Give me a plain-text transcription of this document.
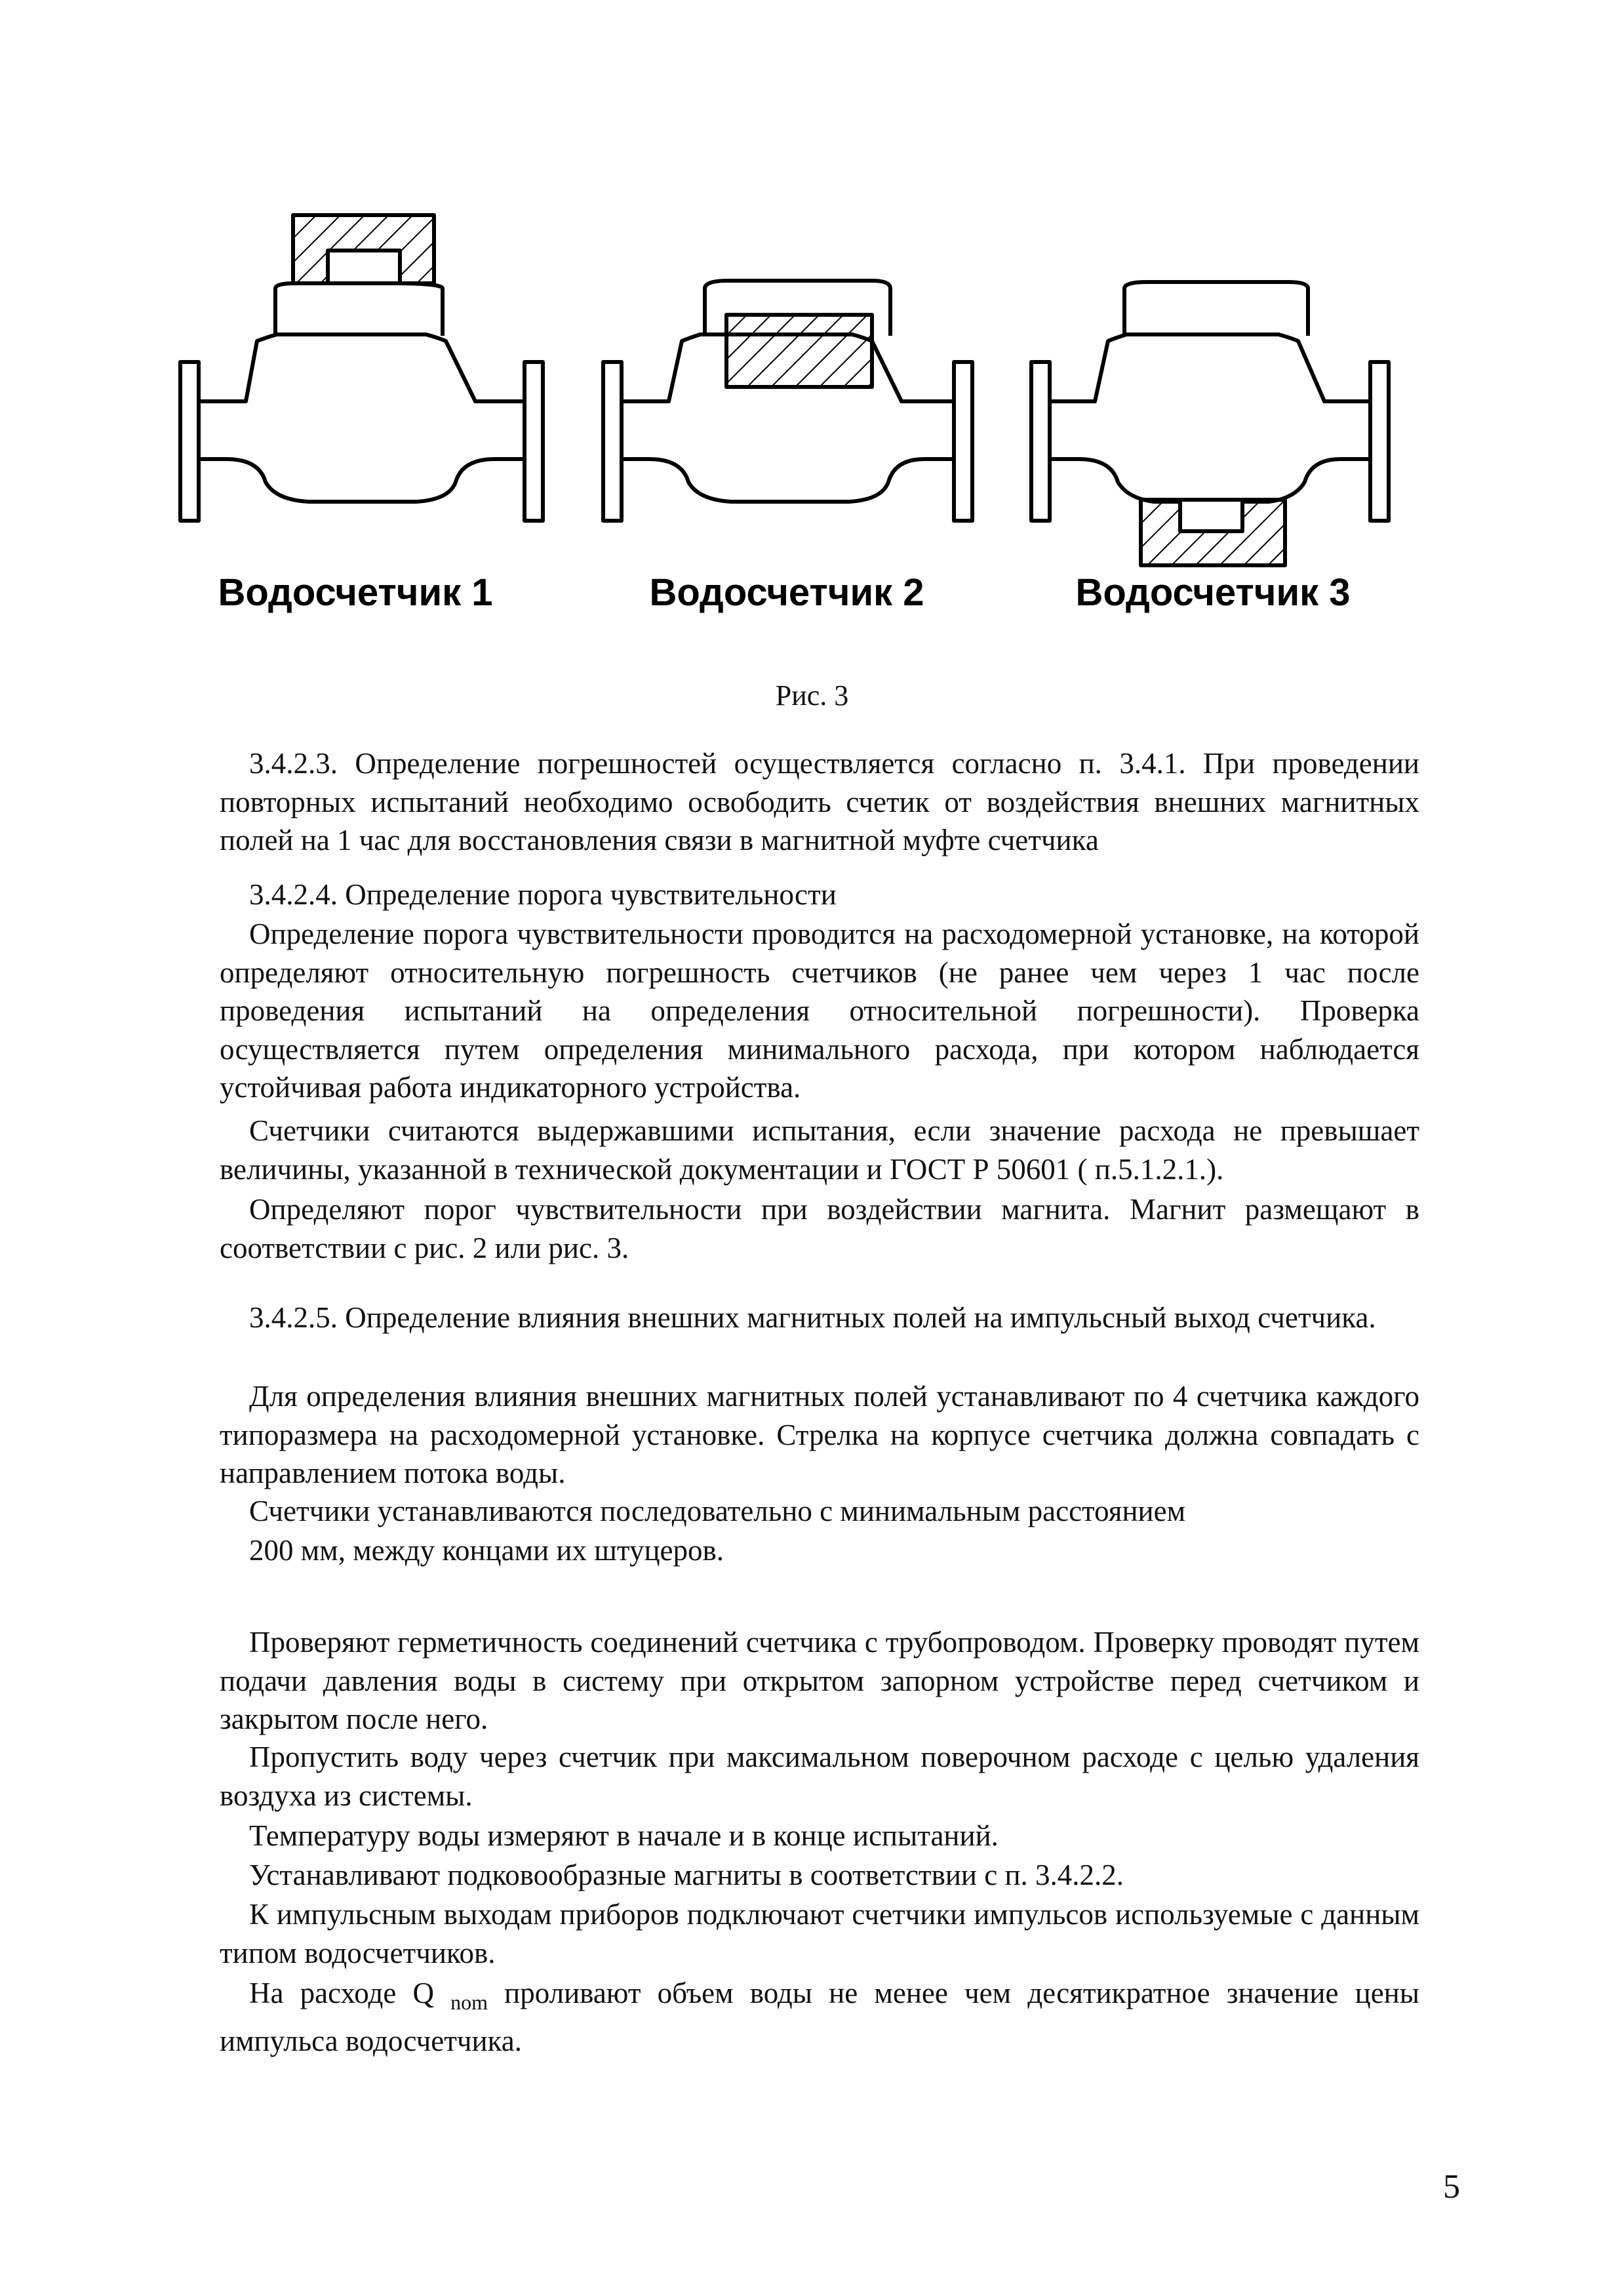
Водосчетчик 1	Водосчетчик 2	Водосчетчик 3
Рис. 3
3.4.2.3. Определение погрешностей осуществляется согласно п. 3.4.1. При проведении повторных испытаний необходимо освободить счетик от воздействия внешних магнитных полей на 1 час для восстановления связи в магнитной муфте счетчика
3.4.2.4. Определение порога чувствительности
Определение порога чувствительности проводится на расходомерной установке, на которой определяют относительную погрешность счетчиков (не ранее чем через 1 час после проведения испытаний на определения относительной погрешности). Проверка осуществляется путем определения минимального расхода, при котором наблюдается устойчивая работа индикаторного устройства.
Счетчики считаются выдержавшими испытания, если значение расхода не превышает величины, указанной в технической документации и ГОСТ Р 50601 ( п.5.1.2.1.).
Определяют порог чувствительности при воздействии магнита. Магнит размещают в соответствии с рис. 2 или рис. 3.
3.4.2.5. Определение влияния внешних магнитных полей на импульсный выход счетчика.
Для определения влияния внешних магнитных полей устанавливают по 4 счетчика каждого типоразмера на расходомерной установке. Стрелка на корпусе счетчика должна совпадать с направлением потока воды.
Счетчики устанавливаются последовательно с минимальным расстоянием
200 мм, между концами их штуцеров.
Проверяют герметичность соединений счетчика с трубопроводом. Проверку проводят путем подачи давления воды в систему при открытом запорном устройстве перед счетчиком и закрытом после него.
Пропустить воду через счетчик при максимальном поверочном расходе с целью удаления воздуха из системы.
Температуру воды измеряют в начале и в конце испытаний.
Устанавливают подковообразные магниты в соответствии с п. 3.4.2.2.
К импульсным выходам приборов подключают счетчики импульсов используемые с данным типом водосчетчиков.
На расходе Q $_{nom}$ проливают объем воды не менее чем десятикратное значение цены импульса водосчетчика.
5
